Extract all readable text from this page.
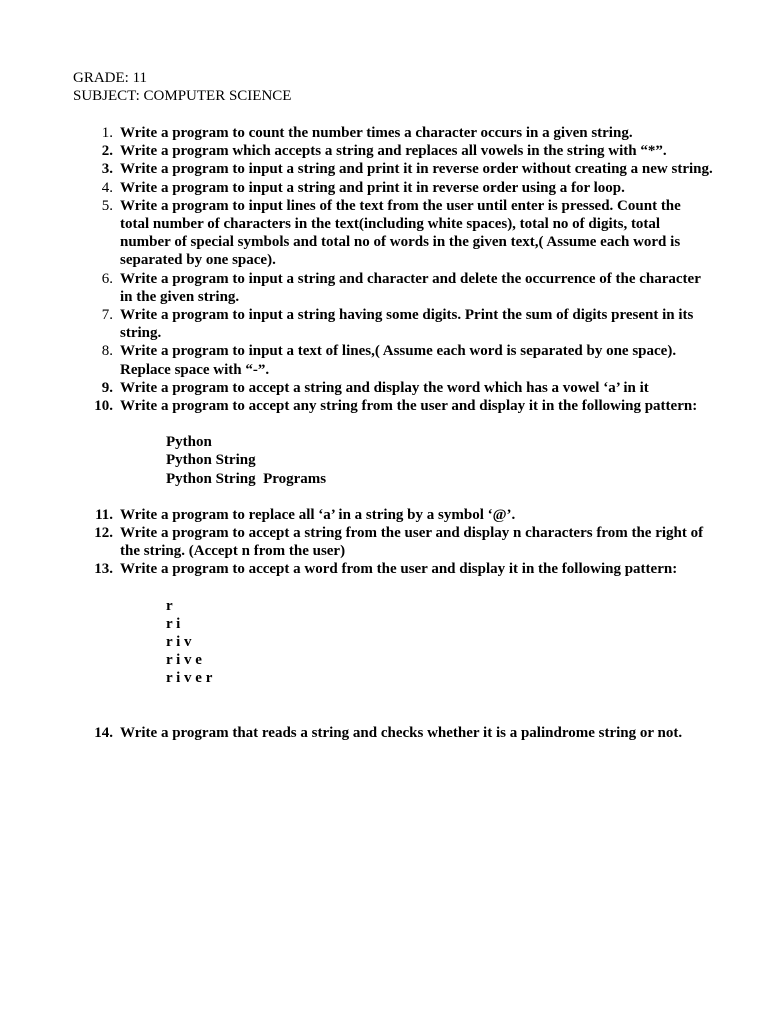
GRADE: 11
SUBJECT: COMPUTER SCIENCE
1. Write a program to count the number times a character occurs in a given string.
2. Write a program which accepts a string and replaces all vowels in the string with “*”.
3. Write a program to input a string and print it in reverse order without creating a new string.
4. Write a program to input a string and print it in reverse order using a for loop.
5. Write a program to input lines of the text from the user until enter is pressed. Count the total number of characters in the text(including white spaces), total no of digits, total number of special symbols and total no of words in the given text,( Assume each word is separated by one space).
6. Write a program to input a string and character and delete the occurrence of the character in the given string.
7. Write a program to input a string having some digits. Print the sum of digits present in its string.
8. Write a program to input a text of lines,( Assume each word is separated by one space). Replace space with “-”.
9. Write a program to accept a string and display the word which has a vowel ‘a’ in it
10. Write a program to accept any string from the user and display it in the following pattern:
Python
Python String
Python String  Programs
11. Write a program to replace all ‘a’ in a string by a symbol ‘@’.
12. Write a program to accept a string from the user and display n characters from the right of the string. (Accept n from the user)
13. Write a program to accept a word from the user and display it in the following pattern:
r
r i
r i v
r i v e
r i v e r
14. Write a program that reads a string and checks whether it is a palindrome string or not.
